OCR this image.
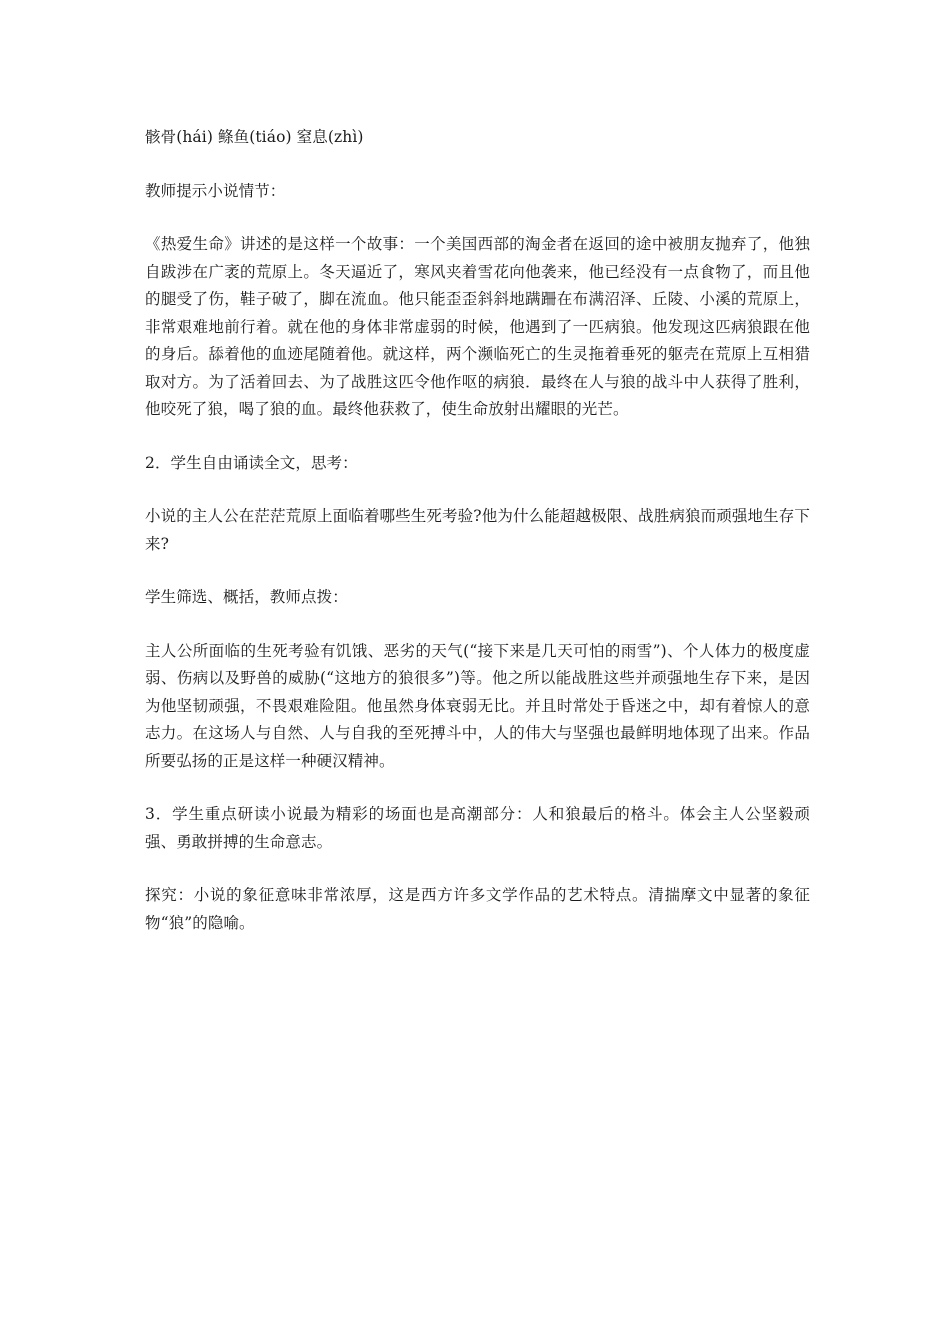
骸骨(hái) 鲦鱼(tiáo) 窒息(zhì)

教师提示小说情节：

《热爱生命》讲述的是这样一个故事：一个美国西部的淘金者在返回的途中被朋友抛弃了，他独自跋涉在广袤的荒原上。冬天逼近了，寒风夹着雪花向他袭来，他已经没有一点食物了，而且他的腿受了伤，鞋子破了，脚在流血。他只能歪歪斜斜地蹒跚在布满沼泽、丘陵、小溪的荒原上，非常艰难地前行着。就在他的身体非常虚弱的时候，他遇到了一匹病狼。他发现这匹病狼跟在他的身后。舔着他的血迹尾随着他。就这样，两个濒临死亡的生灵拖着垂死的躯壳在荒原上互相猎取对方。为了活着回去、为了战胜这匹令他作呕的病狼．最终在人与狼的战斗中人获得了胜利，他咬死了狼，喝了狼的血。最终他获救了，使生命放射出耀眼的光芒。

2．学生自由诵读全文，思考：

小说的主人公在茫茫荒原上面临着哪些生死考验?他为什么能超越极限、战胜病狼而顽强地生存下来?

学生筛选、概括，教师点拨：

主人公所面临的生死考验有饥饿、恶劣的天气(“接下来是几天可怕的雨雪”)、个人体力的极度虚弱、伤病以及野兽的威胁(“这地方的狼很多”)等。他之所以能战胜这些并顽强地生存下来，是因为他坚韧顽强，不畏艰难险阻。他虽然身体衰弱无比。并且时常处于昏迷之中，却有着惊人的意志力。在这场人与自然、人与自我的至死搏斗中，人的伟大与坚强也最鲜明地体现了出来。作品所要弘扬的正是这样一种硬汉精神。

3．学生重点研读小说最为精彩的场面也是高潮部分：人和狼最后的格斗。体会主人公坚毅顽强、勇敢拼搏的生命意志。

探究：小说的象征意味非常浓厚，这是西方许多文学作品的艺术特点。清揣摩文中显著的象征物“狼”的隐喻。
